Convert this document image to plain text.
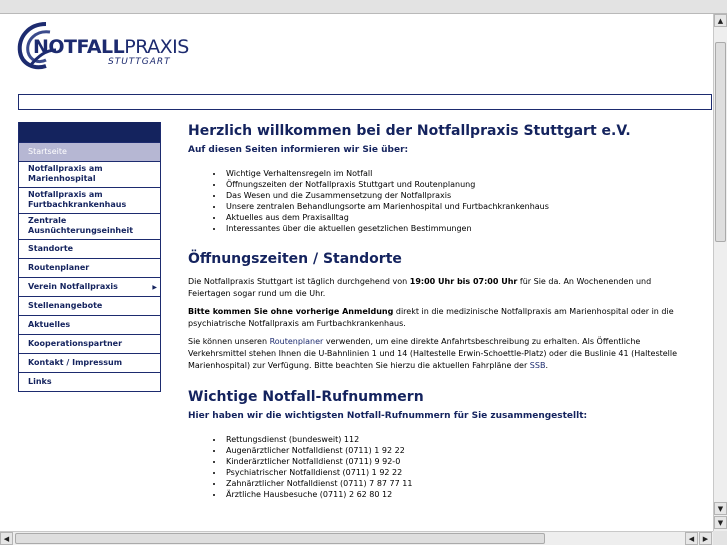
NOTFALLPRAXIS
STUTTGART
Startseite
Notfallpraxis am Marienhospital
Notfallpraxis am Furtbachkrankenhaus
Zentrale Ausnüchterungseinheit
Standorte
Routenplaner
Verein Notfallpraxis	▶
Stellenangebote
Aktuelles
Kooperationspartner
Kontakt / Impressum
Links
Herzlich willkommen bei der Notfallpraxis Stuttgart e.V.
Auf diesen Seiten informieren wir Sie über:
• Wichtige Verhaltensregeln im Notfall
• Öffnungszeiten der Notfallpraxis Stuttgart und Routenplanung
• Das Wesen und die Zusammensetzung der Notfallpraxis
• Unsere zentralen Behandlungsorte am Marienhospital und Furtbachkrankenhaus
• Aktuelles aus dem Praxisalltag
• Interessantes über die aktuellen gesetzlichen Bestimmungen
Öffnungszeiten / Standorte

Die Notfallpraxis Stuttgart ist täglich durchgehend von 19:00 Uhr bis 07:00 Uhr für Sie da. An Wochenenden und Feiertagen sogar rund um die Uhr.

Bitte kommen Sie ohne vorherige Anmeldung direkt in die medizinische Notfallpraxis am Marienhospital oder in die psychiatrische Notfallpraxis am Furtbachkrankenhaus.

Sie können unseren Routenplaner verwenden, um eine direkte Anfahrtsbeschreibung zu erhalten. Als Öffentliche Verkehrsmittel stehen Ihnen die U-Bahnlinien 1 und 14 (Haltestelle Erwin-Schoettle-Platz) oder die Buslinie 41 (Haltestelle Marienhospital) zur Verfügung. Bitte beachten Sie hierzu die aktuellen Fahrpläne der SSB.

Wichtige Notfall-Rufnummern
Hier haben wir die wichtigsten Notfall-Rufnummern für Sie zusammengestellt:
• Rettungsdienst (bundesweit) 112
• Augenärztlicher Notfalldienst (0711) 1 92 22
• Kinderärztlicher Notfalldienst (0711) 9 92-0
• Psychiatrischer Notfalldienst (0711) 1 92 22
• Zahnärztlicher Notfalldienst (0711) 7 87 77 11
• Ärztliche Hausbesuche (0711) 2 62 80 12
▲
▼
▼
◀	◀	▶
